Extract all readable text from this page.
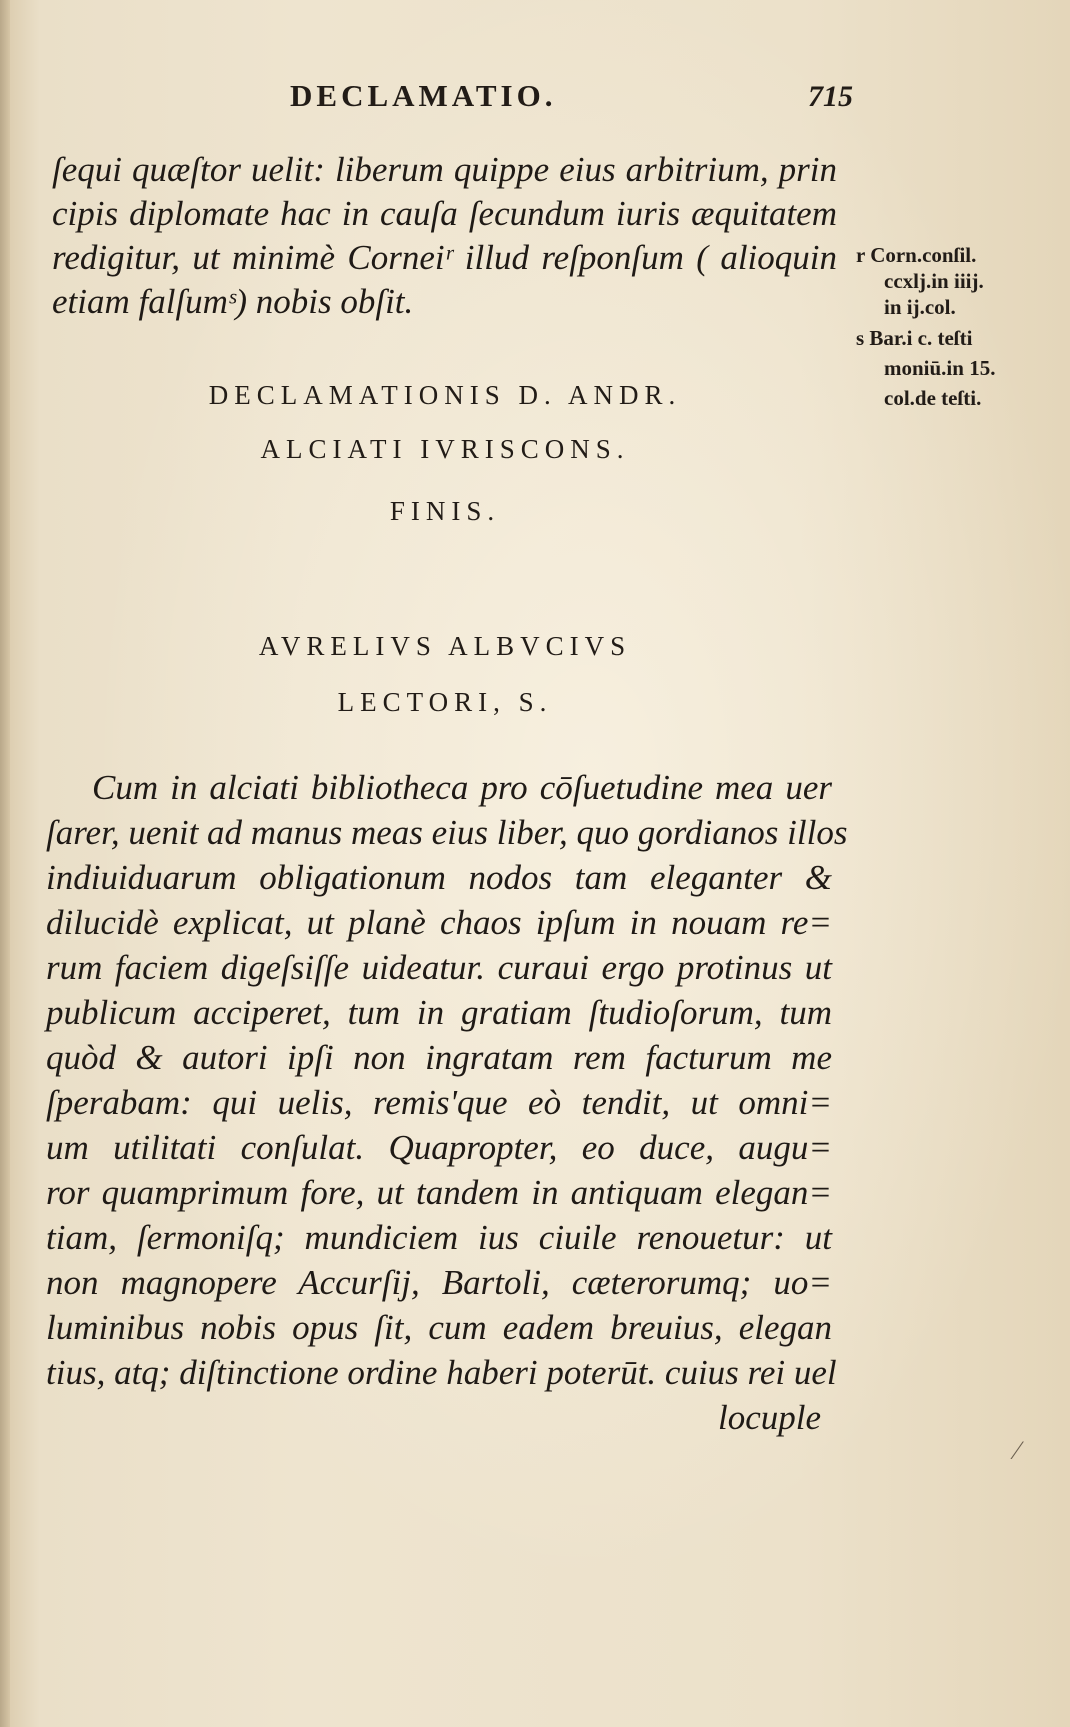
DECLAMATIO.	715
ſequi quæſtor uelit: liberum quippe eius arbitrium, prin
cipis diplomate hac in cauſa ſecundum iuris æquitatem
redigitur, ut minimè Corneiʳ illud reſponſum ( alioquin
etiam falſumˢ) nobis obſit.
r Corn.conſil.
ccxlj.in iiij.
in ij.col.
s Bar.i c. teſti
moniū.in 15.
col.de teſti.
DECLAMATIONIS D. ANDR.
ALCIATI IVRISCONS.
FINIS.
AVRELIVS ALBVCIVS
LECTORI, S.
Cum in alciati bibliotheca pro cōſuetudine mea uer
ſarer, uenit ad manus meas eius liber, quo gordianos illos
indiuiduarum obligationum nodos tam eleganter &
dilucidè explicat, ut planè chaos ipſum in nouam re=
rum faciem digeſsiſſe uideatur. curaui ergo protinus ut
publicum acciperet, tum in gratiam ſtudioſorum, tum
quòd & autori ipſi non ingratam rem facturum me
ſperabam: qui uelis, remis'que eò tendit, ut omni=
um utilitati conſulat. Quapropter, eo duce, augu=
ror quamprimum fore, ut tandem in antiquam elegan=
tiam, ſermoniſq; mundiciem ius ciuile renouetur: ut
non magnopere Accurſij, Bartoli, cæterorumq; uo=
luminibus nobis opus ſit, cum eadem breuius, elegan
tius, atq; diſtinctione ordine haberi poterūt. cuius rei uel
locuple
⁄
